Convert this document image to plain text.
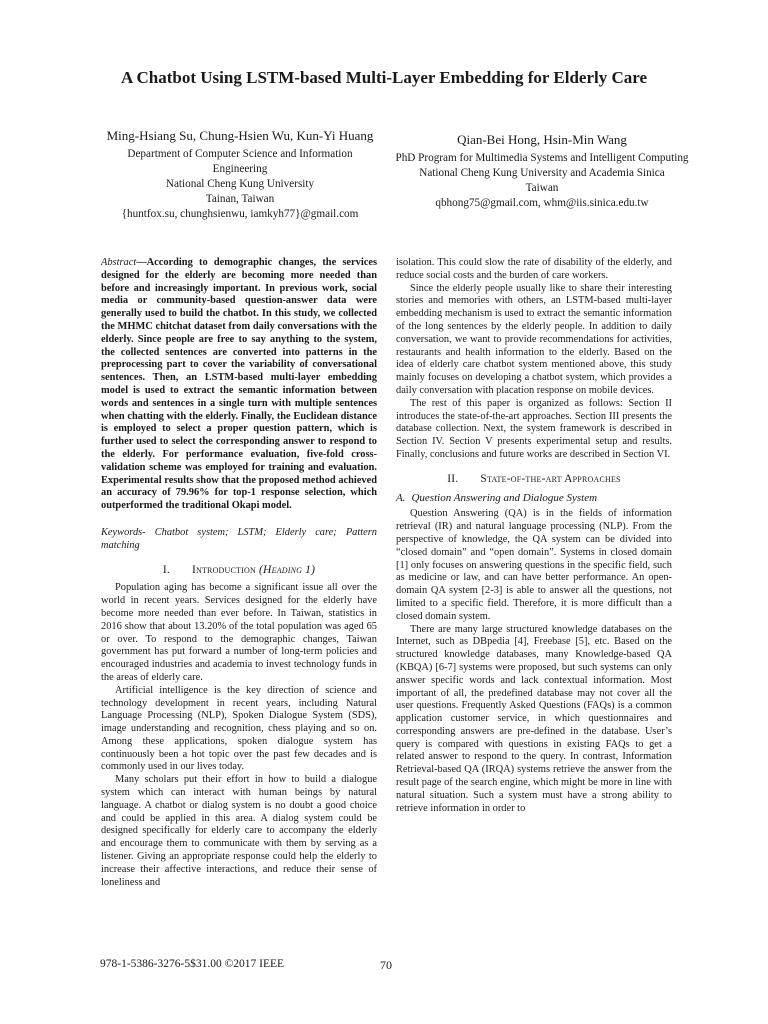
A Chatbot Using LSTM-based Multi-Layer Embedding for Elderly Care
Ming-Hsiang Su, Chung-Hsien Wu, Kun-Yi Huang
Department of Computer Science and Information Engineering
National Cheng Kung University
Tainan, Taiwan
{huntfox.su, chunghsienwu, iamkyh77}@gmail.com
Qian-Bei Hong, Hsin-Min Wang
PhD Program for Multimedia Systems and Intelligent Computing
National Cheng Kung University and Academia Sinica
Taiwan
qbhong75@gmail.com, whm@iis.sinica.edu.tw

Abstract—According to demographic changes, the services designed for the elderly are becoming more needed than before and increasingly important. In previous work, social media or community-based question-answer data were generally used to build the chatbot. In this study, we collected the MHMC chitchat dataset from daily conversations with the elderly. Since people are free to say anything to the system, the collected sentences are converted into patterns in the preprocessing part to cover the variability of conversational sentences. Then, an LSTM-based multi-layer embedding model is used to extract the semantic information between words and sentences in a single turn with multiple sentences when chatting with the elderly. Finally, the Euclidean distance is employed to select a proper question pattern, which is further used to select the corresponding answer to respond to the elderly. For performance evaluation, five-fold cross-validation scheme was employed for training and evaluation. Experimental results show that the proposed method achieved an accuracy of 79.96% for top-1 response selection, which outperformed the traditional Okapi model.

Keywords- Chatbot system; LSTM; Elderly care; Pattern matching

I. Introduction (Heading 1)

Population aging has become a significant issue all over the world in recent years. Services designed for the elderly have become more needed than ever before. In Taiwan, statistics in 2016 show that about 13.20% of the total population was aged 65 or over. To respond to the demographic changes, Taiwan government has put forward a number of long-term policies and encouraged industries and academia to invest technology funds in the areas of elderly care.

Artificial intelligence is the key direction of science and technology development in recent years, including Natural Language Processing (NLP), Spoken Dialogue System (SDS), image understanding and recognition, chess playing and so on. Among these applications, spoken dialogue system has continuously been a hot topic over the past few decades and is commonly used in our lives today.

Many scholars put their effort in how to build a dialogue system which can interact with human beings by natural language. A chatbot or dialog system is no doubt a good choice and could be applied in this area. A dialog system could be designed specifically for elderly care to accompany the elderly and encourage them to communicate with them by serving as a listener. Giving an appropriate response could help the elderly to increase their affective interactions, and reduce their sense of loneliness and

isolation. This could slow the rate of disability of the elderly, and reduce social costs and the burden of care workers.

Since the elderly people usually like to share their interesting stories and memories with others, an LSTM-based multi-layer embedding mechanism is used to extract the semantic information of the long sentences by the elderly people. In addition to daily conversation, we want to provide recommendations for activities, restaurants and health information to the elderly. Based on the idea of elderly care chatbot system mentioned above, this study mainly focuses on developing a chatbot system, which provides a daily conversation with placation response on mobile devices.

The rest of this paper is organized as follows: Section II introduces the state-of-the-art approaches. Section III presents the database collection. Next, the system framework is described in Section IV. Section V presents experimental setup and results. Finally, conclusions and future works are described in Section VI.

II. State-of-the-art Approaches

A. Question Answering and Dialogue System

Question Answering (QA) is in the fields of information retrieval (IR) and natural language processing (NLP). From the perspective of knowledge, the QA system can be divided into “closed domain” and “open domain”. Systems in closed domain [1] only focuses on answering questions in the specific field, such as medicine or law, and can have better performance. An open-domain QA system [2-3] is able to answer all the questions, not limited to a specific field. Therefore, it is more difficult than a closed domain system.

There are many large structured knowledge databases on the Internet, such as DBpedia [4], Freebase [5], etc. Based on the structured knowledge databases, many Knowledge-based QA (KBQA) [6-7] systems were proposed, but such systems can only answer specific words and lack contextual information. Most important of all, the predefined database may not cover all the user questions. Frequently Asked Questions (FAQs) is a common application customer service, in which questionnaires and corresponding answers are pre-defined in the database. User’s query is compared with questions in existing FAQs to get a related answer to respond to the query. In contrast, Information Retrieval-based QA (IRQA) systems retrieve the answer from the result page of the search engine, which might be more in line with natural situation. Such a system must have a strong ability to retrieve information in order to

978-1-5386-3276-5$31.00 ©2017 IEEE	70
